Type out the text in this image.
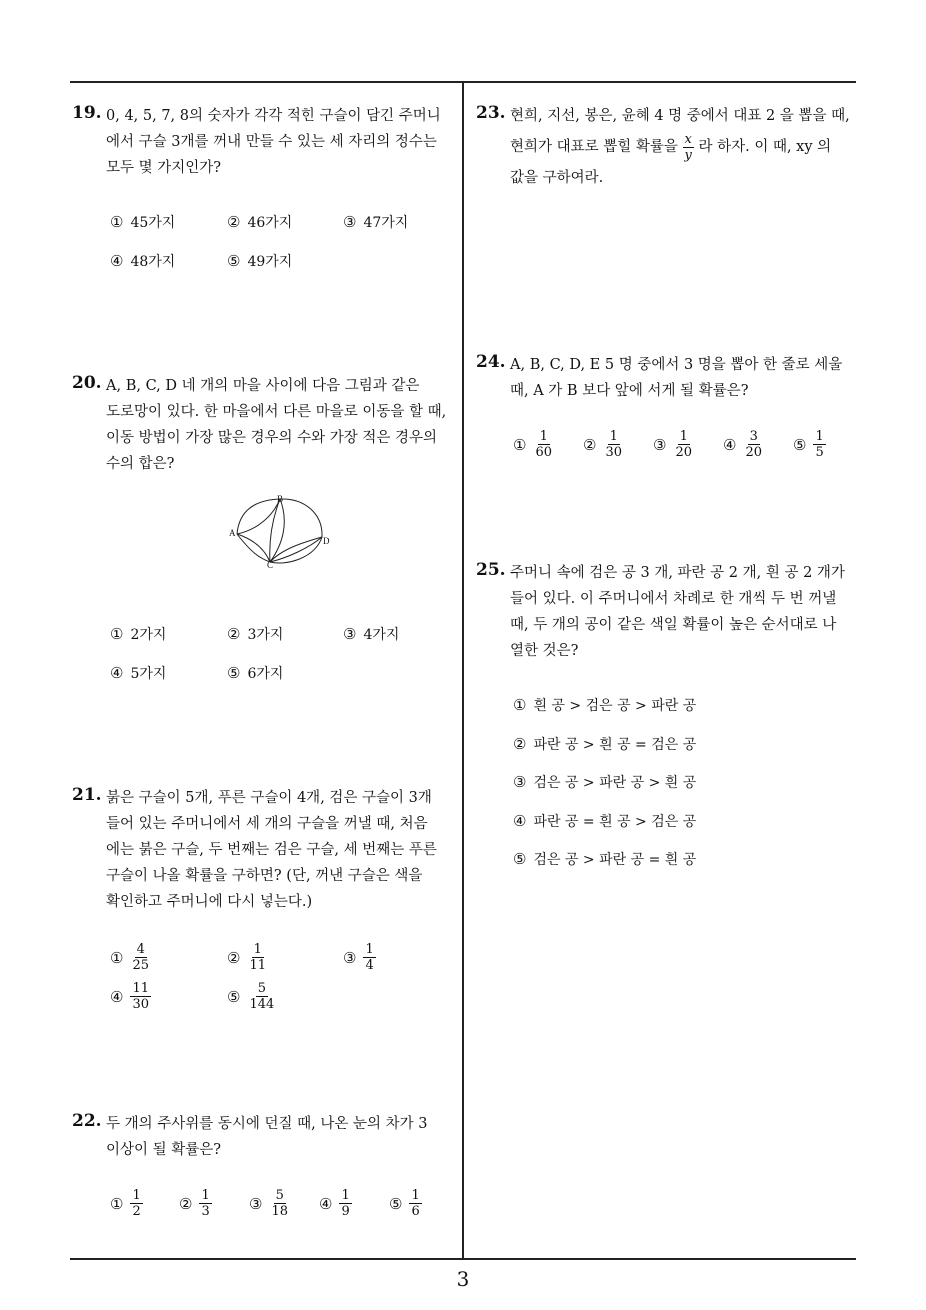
3
19. 0, 4, 5, 7, 8의 숫자가 각각 적힌 구슬이 담긴 주머니
에서 구슬 3개를 꺼내 만들 수 있는 세 자리의 정수는
모두 몇 가지인가?
① 45가지	② 46가지	③ 47가지
④ 48가지	⑤ 49가지
20. A, B, C, D 네 개의 마을 사이에 다음 그림과 같은
도로망이 있다. 한 마을에서 다른 마을로 이동을 할 때,
이동 방법이 가장 많은 경우의 수와 가장 적은 경우의
수의 합은?
A
B
C
D
① 2가지	② 3가지	③ 4가지
④ 5가지	⑤ 6가지
21. 붉은 구슬이 5개, 푸른 구슬이 4개, 검은 구슬이 3개
들어 있는 주머니에서 세 개의 구슬을 꺼낼 때, 처음
에는 붉은 구슬, 두 번째는 검은 구슬, 세 번째는 푸른
구슬이 나올 확률을 구하면? (단, 꺼낸 구슬은 색을
확인하고 주머니에 다시 넣는다.)
① $\frac{4}{25}$	② $\frac{1}{11}$	③ $\frac{1}{4}$
④ $\frac{11}{30}$	⑤ $\frac{5}{144}$
22. 두 개의 주사위를 동시에 던질 때, 나온 눈의 차가 3
이상이 될 확률은?
① $\frac{1}{2}$ ② $\frac{1}{3}$ ③ $\frac{5}{18}$ ④ $\frac{1}{9}$ ⑤ $\frac{1}{6}$
23. 현희, 지선, 봉은, 윤혜 4 명 중에서 대표 2 을 뽑을 때,
현희가 대표로 뽑힐 확률을 $\frac{x}{y}$ 라 하자. 이 때, xy 의
값을 구하여라.
24. A, B, C, D, E 5 명 중에서 3 명을 뽑아 한 줄로 세울
때, A 가 B 보다 앞에 서게 될 확률은?
① $\frac{1}{60}$ ② $\frac{1}{30}$ ③ $\frac{1}{20}$ ④ $\frac{3}{20}$ ⑤ $\frac{1}{5}$
25. 주머니 속에 검은 공 3 개, 파란 공 2 개, 흰 공 2 개가
들어 있다. 이 주머니에서 차례로 한 개씩 두 번 꺼낼
때, 두 개의 공이 같은 색일 확률이 높은 순서대로 나
열한 것은?
① 흰 공 > 검은 공 > 파란 공
② 파란 공 > 흰 공 = 검은 공
③ 검은 공 > 파란 공 > 흰 공
④ 파란 공 = 흰 공 > 검은 공
⑤ 검은 공 > 파란 공 = 흰 공
